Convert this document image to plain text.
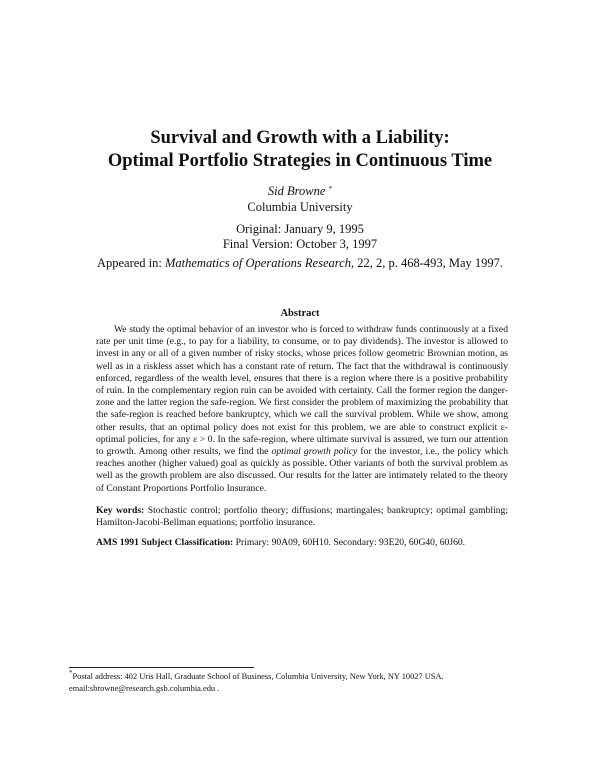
Survival and Growth with a Liability:
Optimal Portfolio Strategies in Continuous Time
Sid Browne *
Columbia University
Original: January 9, 1995
Final Version: October 3, 1997
Appeared in: Mathematics of Operations Research, 22, 2, p. 468-493, May 1997.
Abstract
We study the optimal behavior of an investor who is forced to withdraw funds continuously at a fixed rate per unit time (e.g., to pay for a liability, to consume, or to pay dividends). The investor is allowed to invest in any or all of a given number of risky stocks, whose prices follow geometric Brownian motion, as well as in a riskless asset which has a constant rate of return. The fact that the withdrawal is continuously enforced, regardless of the wealth level, ensures that there is a region where there is a positive probability of ruin. In the complementary region ruin can be avoided with certainty. Call the former region the danger-zone and the latter region the safe-region. We first consider the problem of maximizing the probability that the safe-region is reached before bankruptcy, which we call the survival problem. While we show, among other results, that an optimal policy does not exist for this problem, we are able to construct explicit ε-optimal policies, for any ε > 0. In the safe-region, where ultimate survival is assured, we turn our attention to growth. Among other results, we find the optimal growth policy for the investor, i.e., the policy which reaches another (higher valued) goal as quickly as possible. Other variants of both the survival problem as well as the growth problem are also discussed. Our results for the latter are intimately related to the theory of Constant Proportions Portfolio Insurance.
Key words: Stochastic control; portfolio theory; diffusions; martingales; bankruptcy; optimal gambling; Hamilton-Jacobi-Bellman equations; portfolio insurance.
AMS 1991 Subject Classification: Primary: 90A09, 60H10. Secondary: 93E20, 60G40, 60J60.
*Postal address: 402 Uris Hall, Graduate School of Business, Columbia University, New York, NY 10027 USA.
email:sbrowne@research.gsb.columbia.edu .
